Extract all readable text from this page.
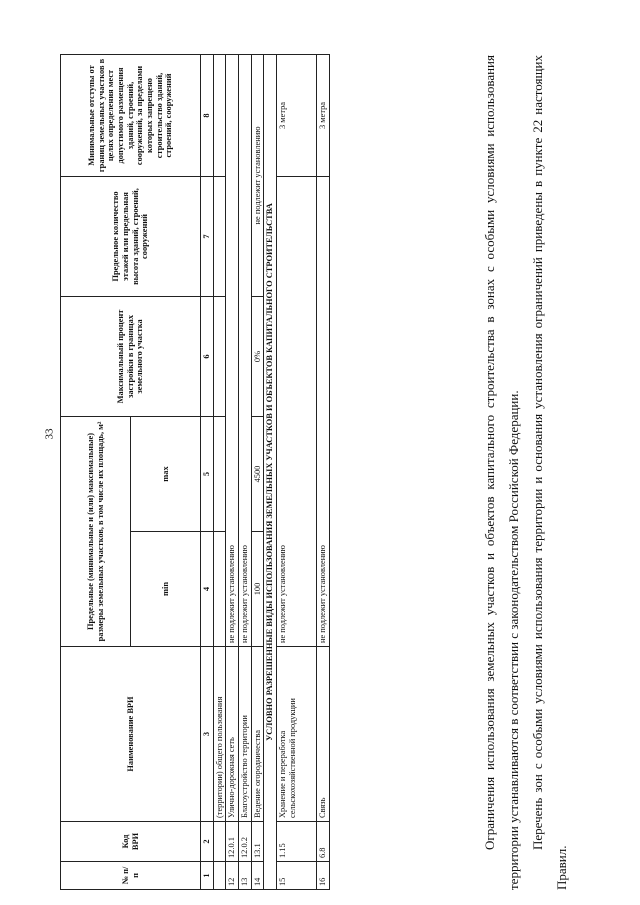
33
№ п/п	Код ВРИ	Наименование ВРИ	Предельные (минимальные и (или) максимальные) размеры земельных участков, в том числе их площадь, м²		Максимальный процент застройки в границах земельного участка	Предельное количество этажей или предельная высота зданий, строений, сооружений	Минимальные отступы от границ земельных участков в целях определения мест допустимого размещения зданий, строений, сооружений, за пределами которых запрещено строительство зданий, строений, сооружений
			min	max			
1	2	3	4	5	6	7	8
		(территории) общего пользования					
12	12.0.1	Улично-дорожная сеть	не подлежит установлению				
13	12.0.2	Благоустройство территории	не подлежит установлению				
14	13.1	Ведение огородничества	100	4500	0%	не подлежит установлению	
УСЛОВНО РАЗРЕШЕННЫЕ ВИДЫ ИСПОЛЬЗОВАНИЯ ЗЕМЕЛЬНЫХ УЧАСТКОВ И ОБЪЕКТОВ КАПИТАЛЬНОГО СТРОИТЕЛЬСТВА							
15	1.15	Хранение и переработка сельскохозяйственной продукции	не подлежит установлению				3 метра
16	6.8	Связь	не подлежит установлению				3 метра	Ограничения использования земельных участков и объектов капитального строительства в зонах с особыми условиями использования территории устанавливаются в соответствии с законодательством Российской Федерации. Перечень зон с особыми условиями использования территории и основания установления ограничений приведены в пункте 22 настоящих Правил.
